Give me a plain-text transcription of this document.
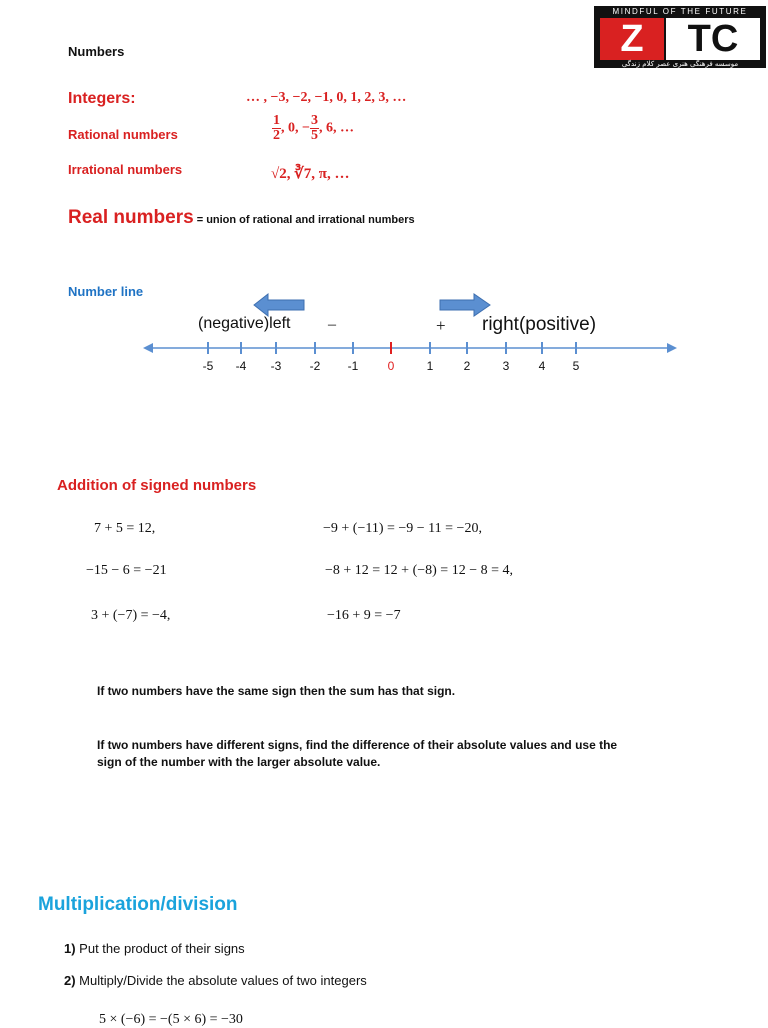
MINDFUL OF THE FUTURE
Z	TC
موسسه فرهنگی هنری عصر کلام زندگی
Numbers
Integers:	… , −3, −2, −1, 0, 1, 2, 3, …
Rational numbers	$\frac{1}{2}$ , 0, − $\frac{3}{5}$ , 6, …
Irrational numbers	√2, ∛7, π, …
Real numbers = union of rational and irrational numbers
Number line
(negative)left –	+ right(positive)
-5 -4 -3 -2 -1 0	1	2	3 4 5
Addition of signed numbers
7 + 5 = 12,	−9 + (−11) = −9 − 11 = −20,
−15 − 6 = −21	−8 + 12 = 12 + (−8) = 12 − 8 = 4,
3 + (−7) = −4,	−16 + 9 = −7
If two numbers have the same sign then the sum has that sign.
If two numbers have different signs, find the difference of their absolute values and use the
sign of the number with the larger absolute value.
Multiplication/division
1) Put the product of their signs
2) Multiply/Divide the absolute values of two integers
5 × (−6) = −(5 × 6) = −30
